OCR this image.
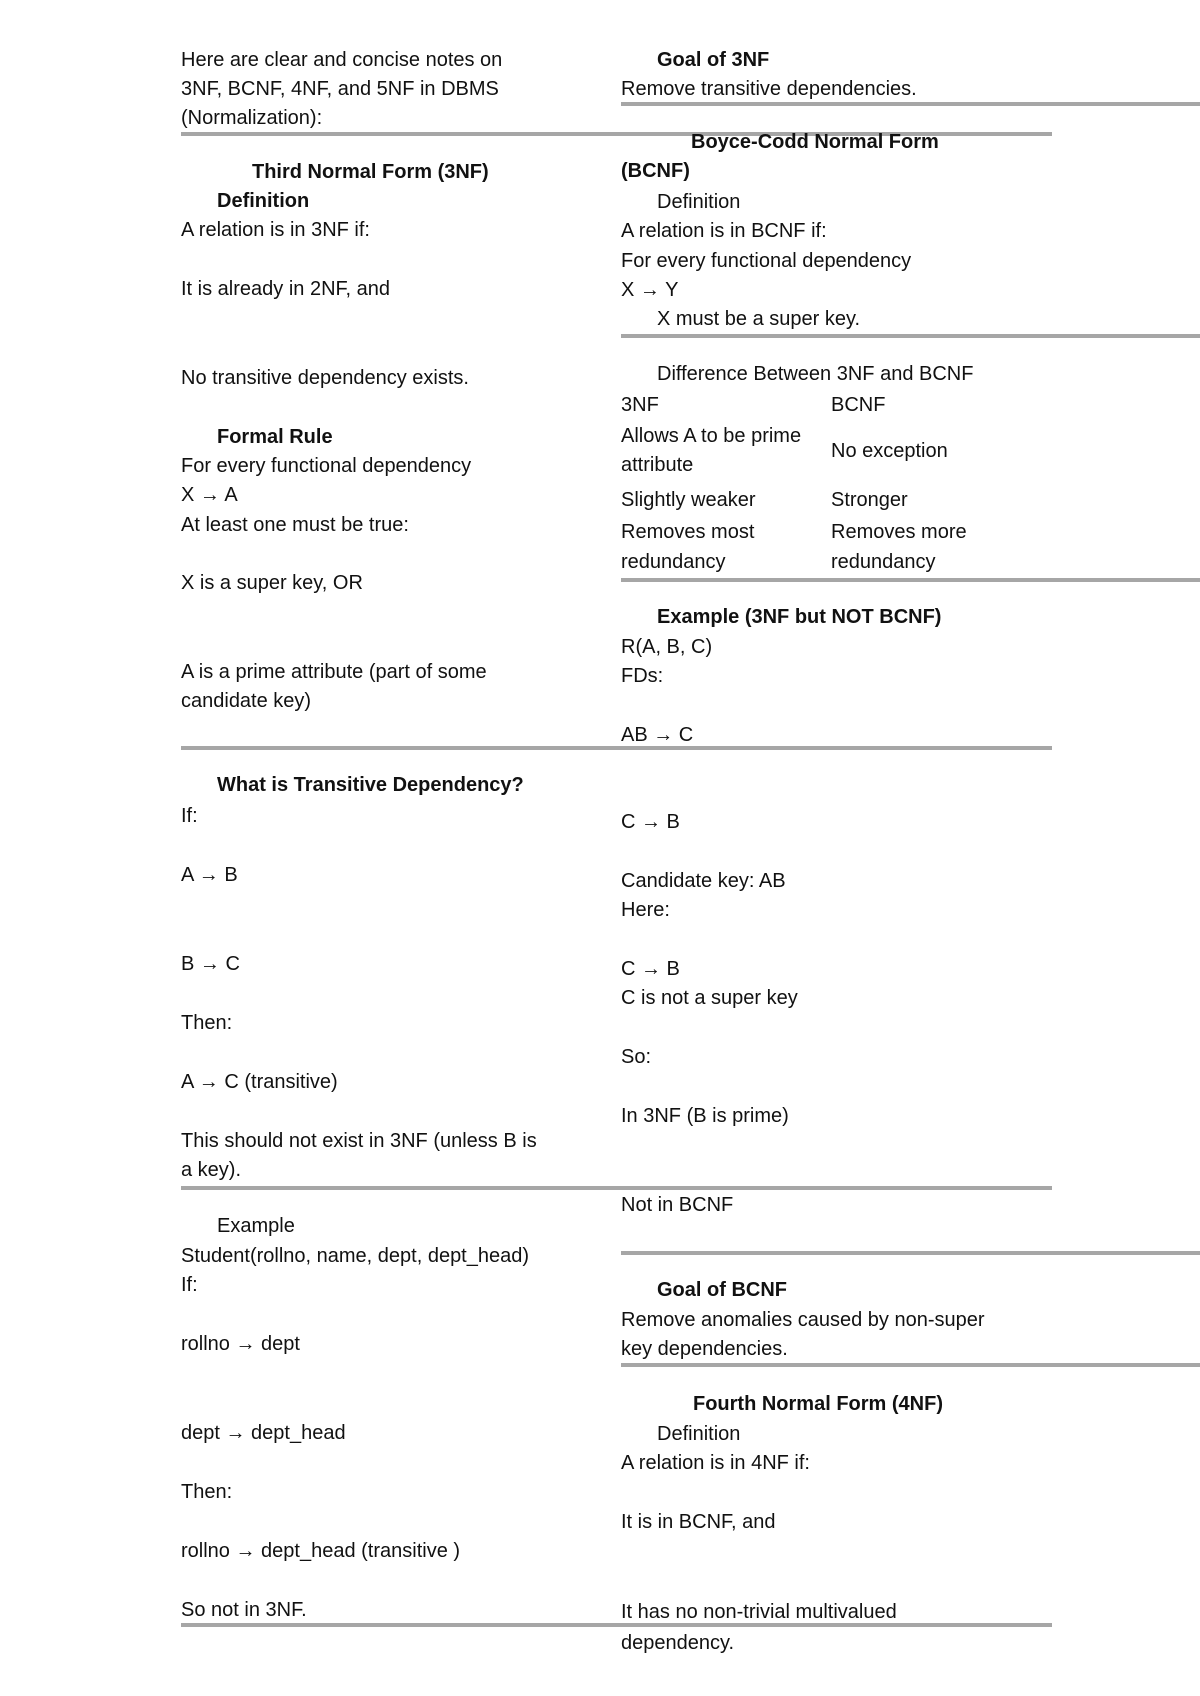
Here are clear and concise notes on
3NF, BCNF, 4NF, and 5NF in DBMS
(Normalization):
Third Normal Form (3NF)
Definition
A relation is in 3NF if:
It is already in 2NF, and
No transitive dependency exists.
Formal Rule
For every functional dependency
X → A
At least one must be true:
X is a super key, OR
A is a prime attribute (part of some
candidate key)
What is Transitive Dependency?
If:
A → B
B → C
Then:
A → C (transitive)
This should not exist in 3NF (unless B is
a key).
Example
Student(rollno, name, dept, dept_head)
If:
rollno → dept
dept → dept_head
Then:
rollno → dept_head (transitive )
So not in 3NF.
Goal of 3NF
Remove transitive dependencies.
Boyce-Codd Normal Form
(BCNF)
Definition
A relation is in BCNF if:
For every functional dependency
X → Y
X must be a super key.
Difference Between 3NF and BCNF
3NF	BCNF
Allows A to be prime
attribute
No exception
Slightly weaker	Stronger
Removes most
redundancy
Removes more
redundancy
Example (3NF but NOT BCNF)
R(A, B, C)
FDs:
AB → C
C → B
Candidate key: AB
Here:
C → B
C is not a super key
So:
In 3NF (B is prime)
Not in BCNF
Goal of BCNF
Remove anomalies caused by non-super
key dependencies.
Fourth Normal Form (4NF)
Definition
A relation is in 4NF if:
It is in BCNF, and
It has no non-trivial multivalued
dependency.
